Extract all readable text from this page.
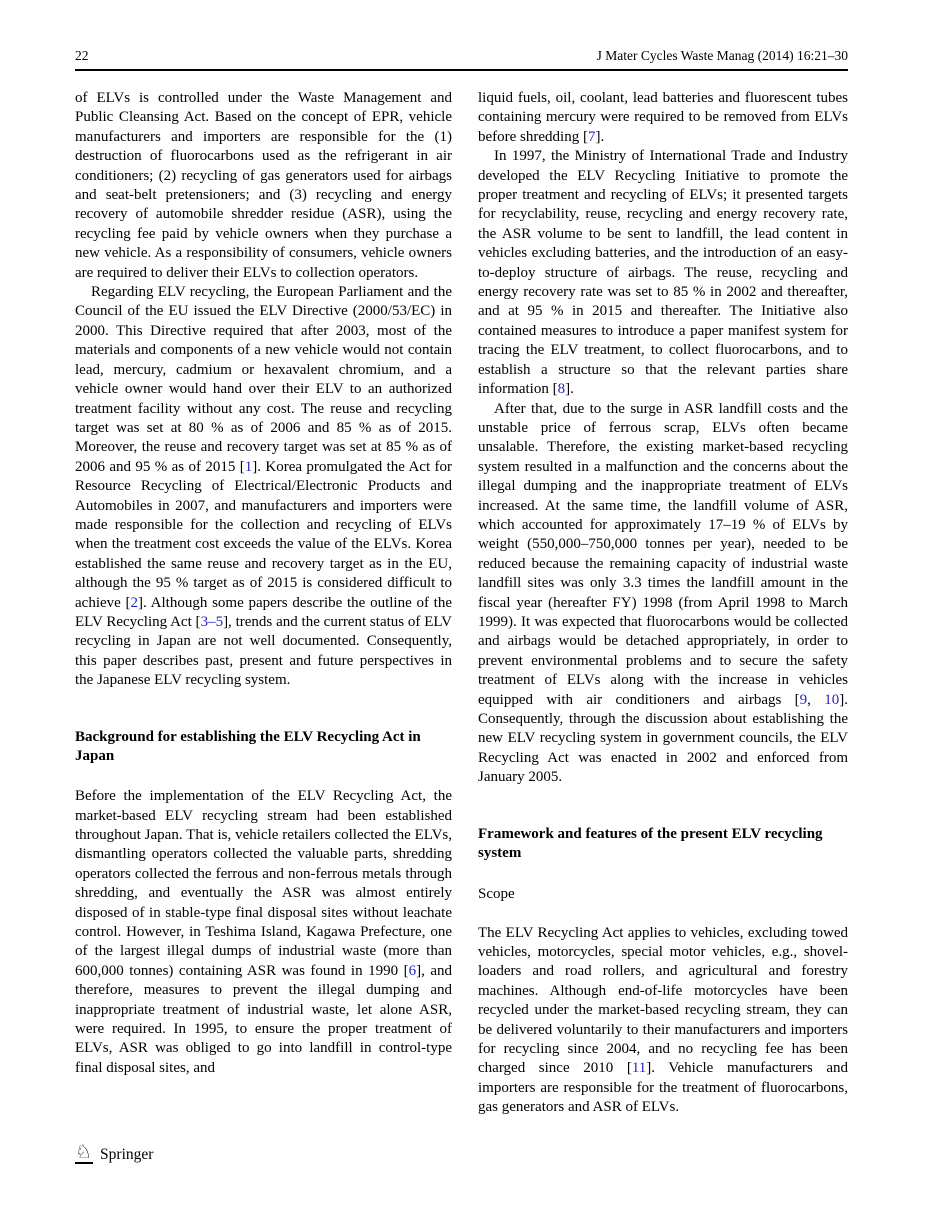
22	J Mater Cycles Waste Manag (2014) 16:21–30

of ELVs is controlled under the Waste Management and Public Cleansing Act. Based on the concept of EPR, vehicle manufacturers and importers are responsible for the (1) destruction of fluorocarbons used as the refrigerant in air conditioners; (2) recycling of gas generators used for airbags and seat-belt pretensioners; and (3) recycling and energy recovery of automobile shredder residue (ASR), using the recycling fee paid by vehicle owners when they purchase a new vehicle. As a responsibility of consumers, vehicle owners are required to deliver their ELVs to collection operators.

Regarding ELV recycling, the European Parliament and the Council of the EU issued the ELV Directive (2000/53/EC) in 2000. This Directive required that after 2003, most of the materials and components of a new vehicle would not contain lead, mercury, cadmium or hexavalent chromium, and a vehicle owner would hand over their ELV to an authorized treatment facility without any cost. The reuse and recycling target was set at 80 % as of 2006 and 85 % as of 2015. Moreover, the reuse and recovery target was set at 85 % as of 2006 and 95 % as of 2015 [1]. Korea promulgated the Act for Resource Recycling of Electrical/Electronic Products and Automobiles in 2007, and manufacturers and importers were made responsible for the collection and recycling of ELVs when the treatment cost exceeds the value of the ELVs. Korea established the same reuse and recovery target as in the EU, although the 95 % target as of 2015 is considered difficult to achieve [2]. Although some papers describe the outline of the ELV Recycling Act [3–5], trends and the current status of ELV recycling in Japan are not well documented. Consequently, this paper describes past, present and future perspectives in the Japanese ELV recycling system.

Background for establishing the ELV Recycling Act in Japan

Before the implementation of the ELV Recycling Act, the market-based ELV recycling stream had been established throughout Japan. That is, vehicle retailers collected the ELVs, dismantling operators collected the valuable parts, shredding operators collected the ferrous and non-ferrous metals through shredding, and eventually the ASR was almost entirely disposed of in stable-type final disposal sites without leachate control. However, in Teshima Island, Kagawa Prefecture, one of the largest illegal dumps of industrial waste (more than 600,000 tonnes) containing ASR was found in 1990 [6], and therefore, measures to prevent the illegal dumping and inappropriate treatment of industrial waste, let alone ASR, were required. In 1995, to ensure the proper treatment of ELVs, ASR was obliged to go into landfill in control-type final disposal sites, and

liquid fuels, oil, coolant, lead batteries and fluorescent tubes containing mercury were required to be removed from ELVs before shredding [7].

In 1997, the Ministry of International Trade and Industry developed the ELV Recycling Initiative to promote the proper treatment and recycling of ELVs; it presented targets for recyclability, reuse, recycling and energy recovery rate, the ASR volume to be sent to landfill, the lead content in vehicles excluding batteries, and the introduction of an easy-to-deploy structure of airbags. The reuse, recycling and energy recovery rate was set to 85 % in 2002 and thereafter, and at 95 % in 2015 and thereafter. The Initiative also contained measures to introduce a paper manifest system for tracing the ELV treatment, to collect fluorocarbons, and to establish a structure so that the relevant parties share information [8].

After that, due to the surge in ASR landfill costs and the unstable price of ferrous scrap, ELVs often became unsalable. Therefore, the existing market-based recycling system resulted in a malfunction and the concerns about the illegal dumping and the inappropriate treatment of ELVs increased. At the same time, the landfill volume of ASR, which accounted for approximately 17–19 % of ELVs by weight (550,000–750,000 tonnes per year), needed to be reduced because the remaining capacity of industrial waste landfill sites was only 3.3 times the landfill amount in the fiscal year (hereafter FY) 1998 (from April 1998 to March 1999). It was expected that fluorocarbons would be collected and airbags would be detached appropriately, in order to prevent environmental problems and to secure the safety treatment of ELVs along with the increase in vehicles equipped with air conditioners and airbags [9, 10]. Consequently, through the discussion about establishing the new ELV recycling system in government councils, the ELV Recycling Act was enacted in 2002 and enforced from January 2005.

Framework and features of the present ELV recycling system
Scope

The ELV Recycling Act applies to vehicles, excluding towed vehicles, motorcycles, special motor vehicles, e.g., shovel-loaders and road rollers, and agricultural and forestry machines. Although end-of-life motorcycles have been recycled under the market-based recycling stream, they can be delivered voluntarily to their manufacturers and importers for recycling since 2004, and no recycling fee has been charged since 2010 [11]. Vehicle manufacturers and importers are responsible for the treatment of fluorocarbons, gas generators and ASR of ELVs.

♘ Springer
